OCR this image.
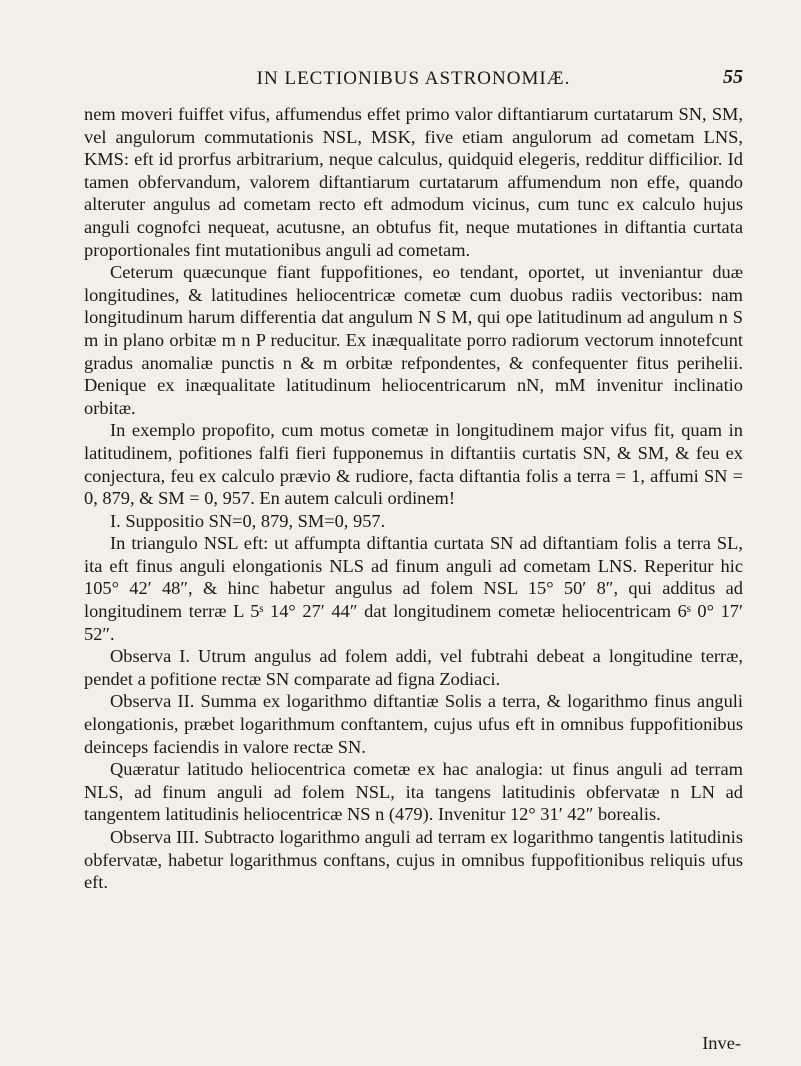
IN LECTIONIBUS ASTRONOMIÆ.	55

nem moveri fuiffet vifus, affumendus effet primo valor diftantiarum curtatarum SN, SM, vel angulorum commutationis NSL, MSK, five etiam angulorum ad cometam LNS, KMS: eft id prorfus arbitrarium, neque calculus, quidquid elegeris, redditur difficilior. Id tamen obfervandum, valorem diftantiarum curtatarum affumendum non effe, quando alteruter angulus ad cometam recto eft admodum vicinus, cum tunc ex calculo hujus anguli cognofci nequeat, acutusne, an obtufus fit, neque mutationes in diftantia curtata proportionales fint mutationibus anguli ad cometam.

Ceterum quæcunque fiant fuppofitiones, eo tendant, oportet, ut inveniantur duæ longitudines, & latitudines heliocentricæ cometæ cum duobus radiis vectoribus: nam longitudinum harum differentia dat angulum N S M, qui ope latitudinum ad angulum n S m in plano orbitæ m n P reducitur. Ex inæqualitate porro radiorum vectorum innotefcunt gradus anomaliæ punctis n & m orbitæ refpondentes, & confequenter fitus perihelii. Denique ex inæqualitate latitudinum heliocentricarum nN, mM invenitur inclinatio orbitæ.

In exemplo propofito, cum motus cometæ in longitudinem major vifus fit, quam in latitudinem, pofitiones falfi fieri fupponemus in diftantiis curtatis SN, & SM, & feu ex conjectura, feu ex calculo prævio & rudiore, facta diftantia folis a terra = 1, affumi SN = 0, 879, & SM = 0, 957. En autem calculi ordinem!

I. Suppositio SN=0, 879, SM=0, 957.

In triangulo NSL eft: ut affumpta diftantia curtata SN ad diftantiam folis a terra SL, ita eft finus anguli elongationis NLS ad finum anguli ad cometam LNS. Reperitur hic 105° 42′ 48″, & hinc habetur angulus ad folem NSL 15° 50′ 8″, qui additus ad longitudinem terræ L 5ˢ 14° 27′ 44″ dat longitudinem cometæ heliocentricam 6ˢ 0° 17′ 52″.

Observa I. Utrum angulus ad folem addi, vel fubtrahi debeat a longitudine terræ, pendet a pofitione rectæ SN comparate ad figna Zodiaci.

Observa II. Summa ex logarithmo diftantiæ Solis a terra, & logarithmo finus anguli elongationis, præbet logarithmum conftantem, cujus ufus eft in omnibus fuppofitionibus deinceps faciendis in valore rectæ SN.

Quæratur latitudo heliocentrica cometæ ex hac analogia: ut finus anguli ad terram NLS, ad finum anguli ad folem NSL, ita tangens latitudinis obfervatæ n LN ad tangentem latitudinis heliocentricæ NS n (479). Invenitur 12° 31′ 42″ borealis.

Observa III. Subtracto logarithmo anguli ad terram ex logarithmo tangentis latitudinis obfervatæ, habetur logarithmus conftans, cujus in omnibus fuppofitionibus reliquis ufus eft.

Inve-
